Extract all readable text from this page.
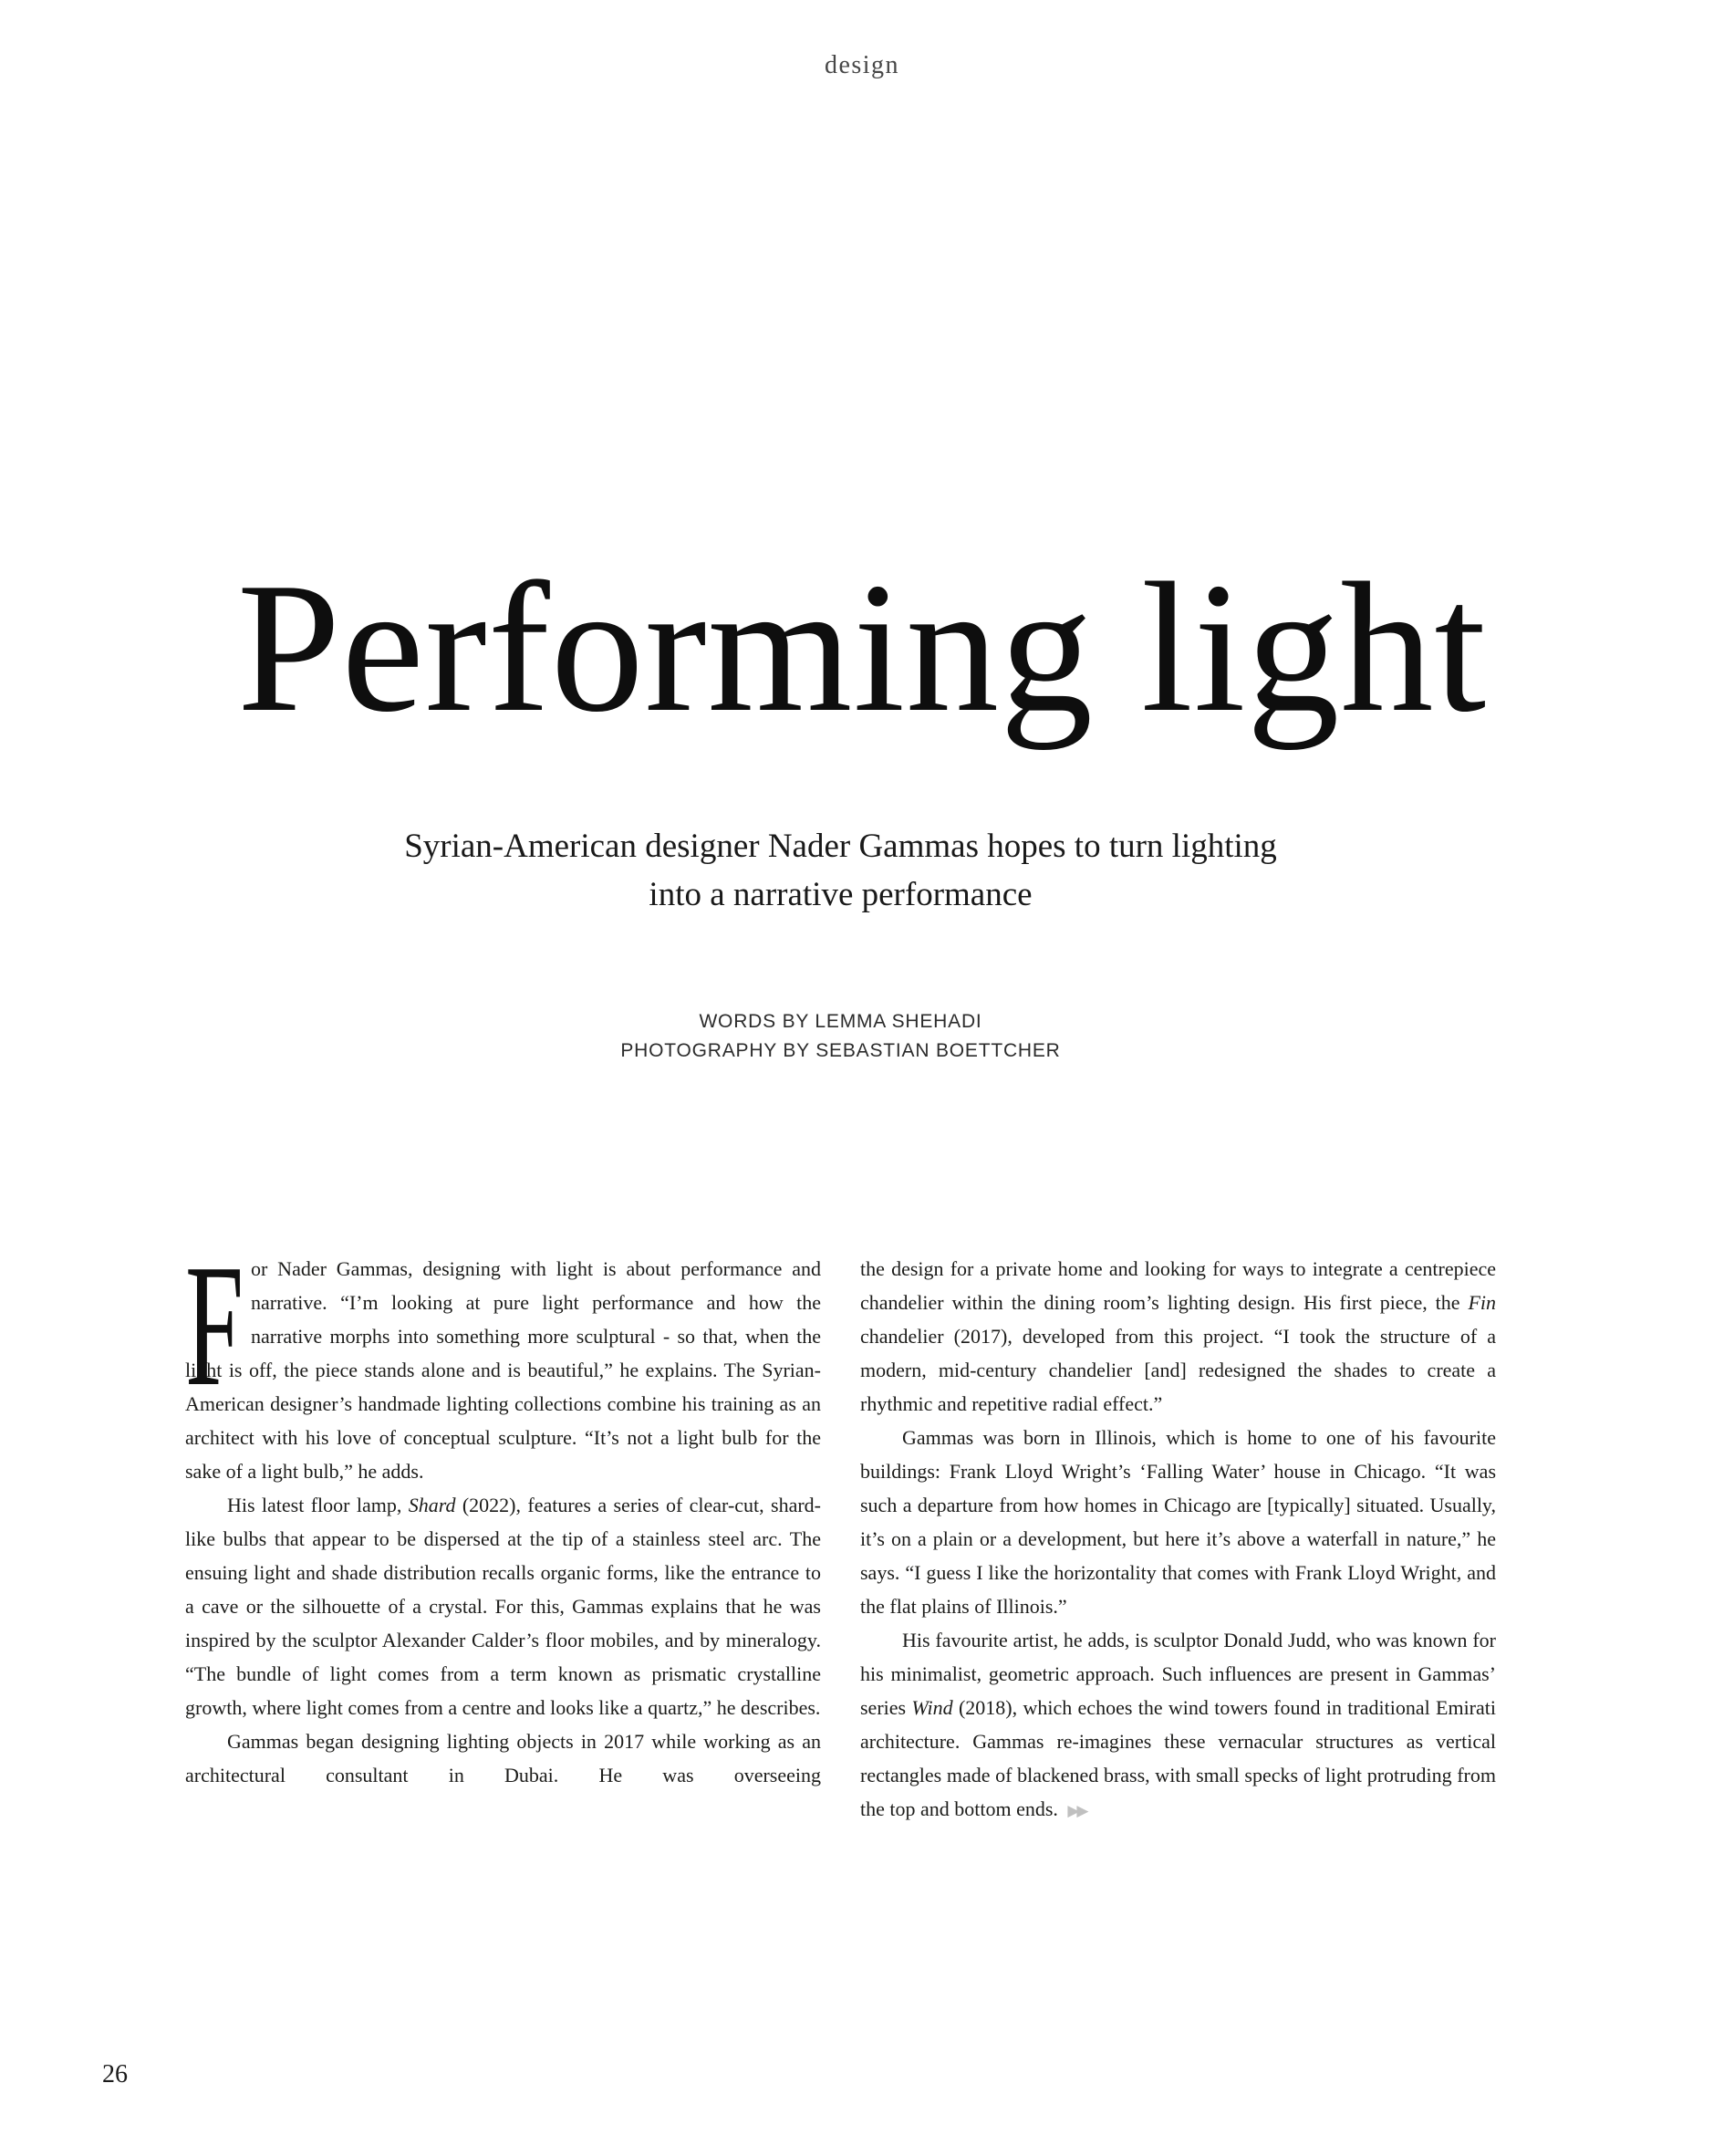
design
Performing light
Syrian-American designer Nader Gammas hopes to turn lighting
into a narrative performance
WORDS BY LEMMA SHEHADI
PHOTOGRAPHY BY SEBASTIAN BOETTCHER

For Nader Gammas, designing with light is about performance and narrative. “I’m looking at pure light performance and how the narrative morphs into something more sculptural - so that, when the light is off, the piece stands alone and is beautiful,” he explains. The Syrian-American designer’s handmade lighting collections combine his training as an architect with his love of conceptual sculpture. “It’s not a light bulb for the sake of a light bulb,” he adds.

His latest floor lamp, Shard (2022), features a series of clear-cut, shard-like bulbs that appear to be dispersed at the tip of a stainless steel arc. The ensuing light and shade distribution recalls organic forms, like the entrance to a cave or the silhouette of a crystal. For this, Gammas explains that he was inspired by the sculptor Alexander Calder’s floor mobiles, and by mineralogy. “The bundle of light comes from a term known as prismatic crystalline growth, where light comes from a centre and looks like a quartz,” he describes.

Gammas began designing lighting objects in 2017 while working as an architectural consultant in Dubai. He was overseeing

the design for a private home and looking for ways to integrate a centrepiece chandelier within the dining room’s lighting design. His first piece, the Fin chandelier (2017), developed from this project. “I took the structure of a modern, mid-century chandelier [and] redesigned the shades to create a rhythmic and repetitive radial effect.”

Gammas was born in Illinois, which is home to one of his favourite buildings: Frank Lloyd Wright’s ‘Falling Water’ house in Chicago. “It was such a departure from how homes in Chicago are [typically] situated. Usually, it’s on a plain or a development, but here it’s above a waterfall in nature,” he says. “I guess I like the horizontality that comes with Frank Lloyd Wright, and the flat plains of Illinois.”

His favourite artist, he adds, is sculptor Donald Judd, who was known for his minimalist, geometric approach. Such influences are present in Gammas’ series Wind (2018), which echoes the wind towers found in traditional Emirati architecture. Gammas re-imagines these vernacular structures as vertical rectangles made of blackened brass, with small specks of light protruding from the top and bottom ends. ▶▶

26
